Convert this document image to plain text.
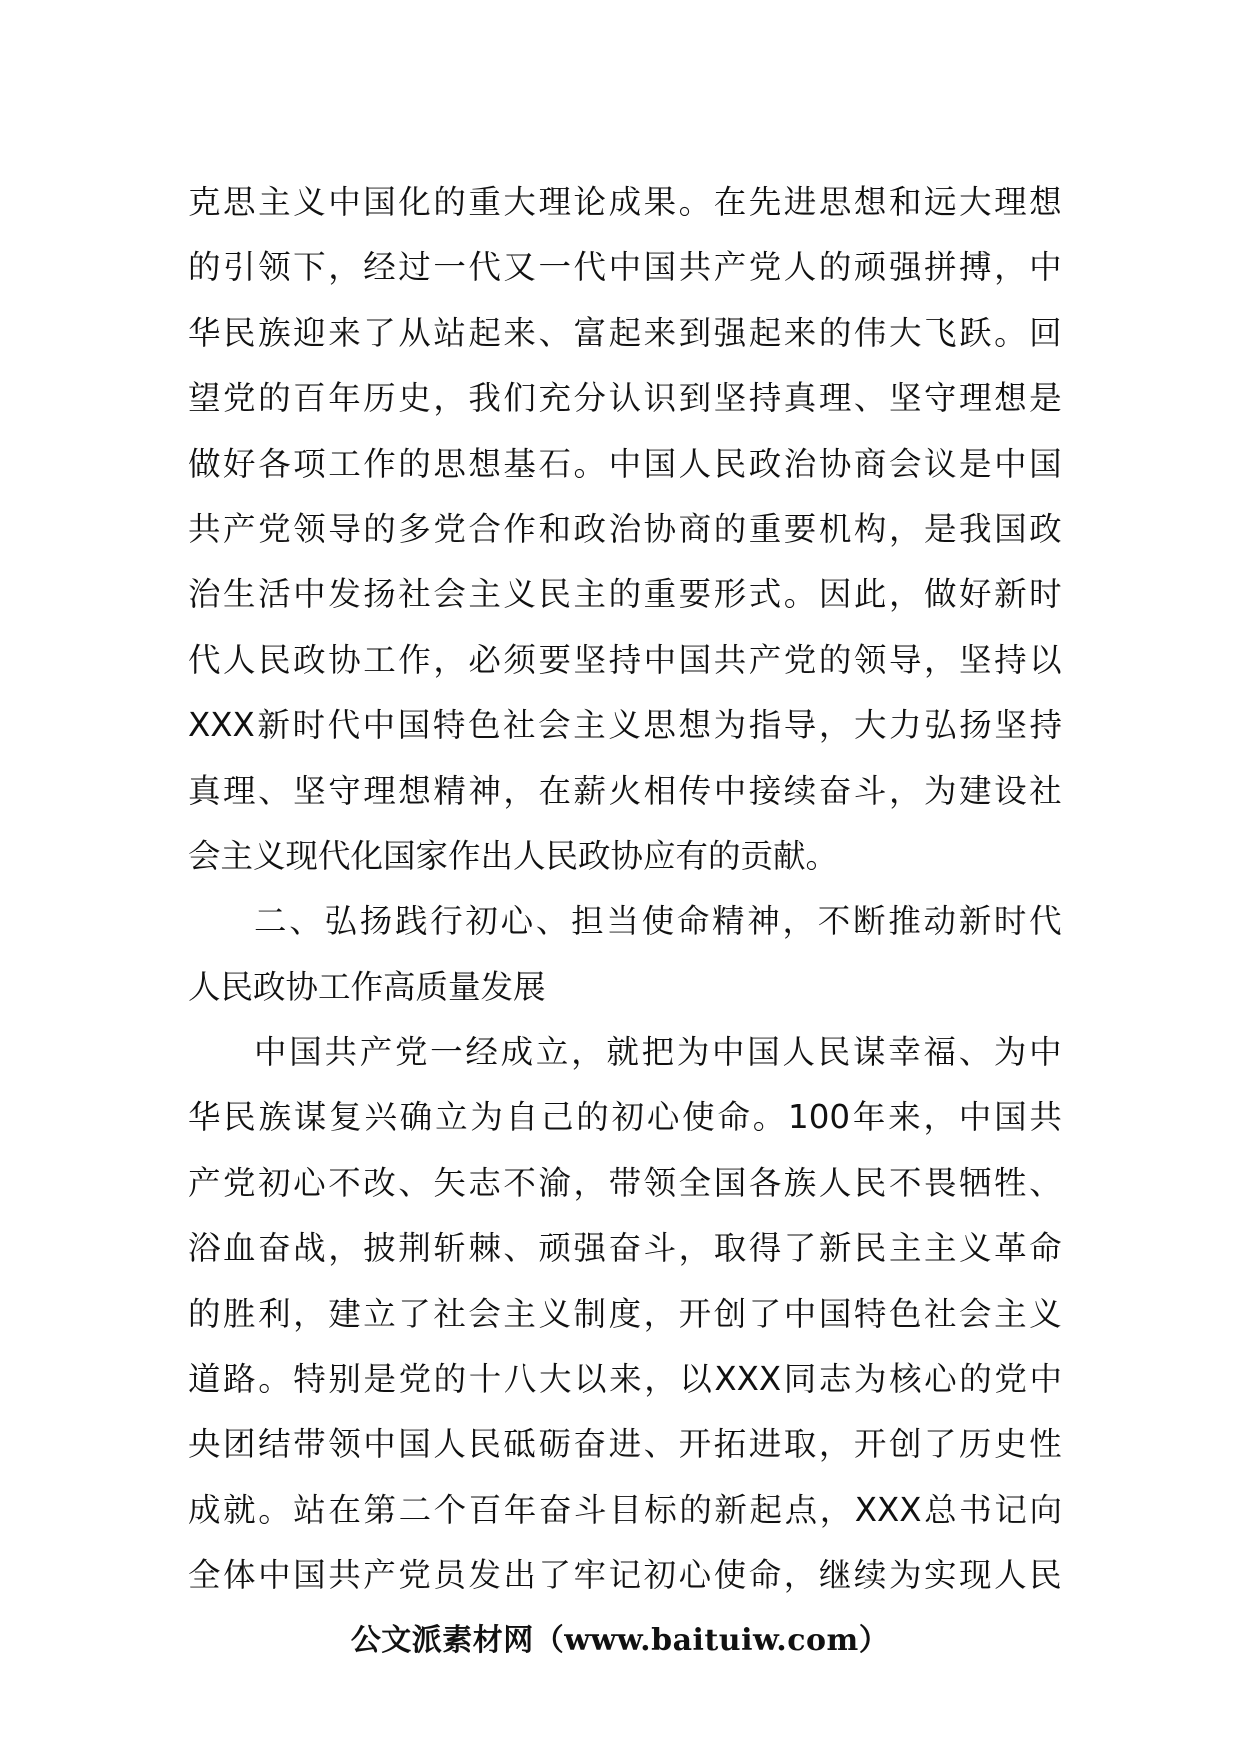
克 思 主 义 中 国 化 的 重 大 理 论 成 果 。 在 先 进 思 想 和 远 大 理 想
的 引 领 下 ， 经 过 一 代 又 一 代 中 国 共 产 党 人 的 顽 强 拼 搏 ， 中
华 民 族 迎 来 了 从 站 起 来 、 富 起 来 到 强 起 来 的 伟 大 飞 跃 。 回
望 党 的 百 年 历 史 ， 我 们 充 分 认 识 到 坚 持 真 理 、 坚 守 理 想 是
做 好 各 项 工 作 的 思 想 基 石 。 中 国 人 民 政 治 协 商 会 议 是 中 国
共 产 党 领 导 的 多 党 合 作 和 政 治 协 商 的 重 要 机 构 ， 是 我 国 政
治 生 活 中 发 扬 社 会 主 义 民 主 的 重 要 形 式 。 因 此 ， 做 好 新 时
代 人 民 政 协 工 作 ， 必 须 要 坚 持 中 国 共 产 党 的 领 导 ， 坚 持 以
XXX 新 时 代 中 国 特 色 社 会 主 义 思 想 为 指 导 ， 大 力 弘 扬 坚 持
真 理 、 坚 守 理 想 精 神 ， 在 薪 火 相 传 中 接 续 奋 斗 ， 为 建 设 社
会主义现代化国家作出人民政协应有的贡献。
二 、 弘 扬 践 行 初 心 、 担 当 使 命 精 神 ， 不 断 推 动 新 时 代
人民政协工作高质量发展
中 国 共 产 党 一 经 成 立 ， 就 把 为 中 国 人 民 谋 幸 福 、 为 中
华 民 族 谋 复 兴 确 立 为 自 己 的 初 心 使 命 。 100 年 来 ， 中 国 共
产 党 初 心 不 改 、 矢 志 不 渝 ， 带 领 全 国 各 族 人 民 不 畏 牺 牲 、
浴 血 奋 战 ， 披 荆 斩 棘 、 顽 强 奋 斗 ， 取 得 了 新 民 主 主 义 革 命
的 胜 利 ， 建 立 了 社 会 主 义 制 度 ， 开 创 了 中 国 特 色 社 会 主 义
道 路 。 特 别 是 党 的 十 八 大 以 来 ， 以 XXX 同 志 为 核 心 的 党 中
央 团 结 带 领 中 国 人 民 砥 砺 奋 进 、 开 拓 进 取 ， 开 创 了 历 史 性
成 就 。 站 在 第 二 个 百 年 奋 斗 目 标 的 新 起 点 ， XXX 总 书 记 向
全 体 中 国 共 产 党 员 发 出 了 牢 记 初 心 使 命 ， 继 续 为 实 现 人 民
公文派素材网（www.baituiw.com）
